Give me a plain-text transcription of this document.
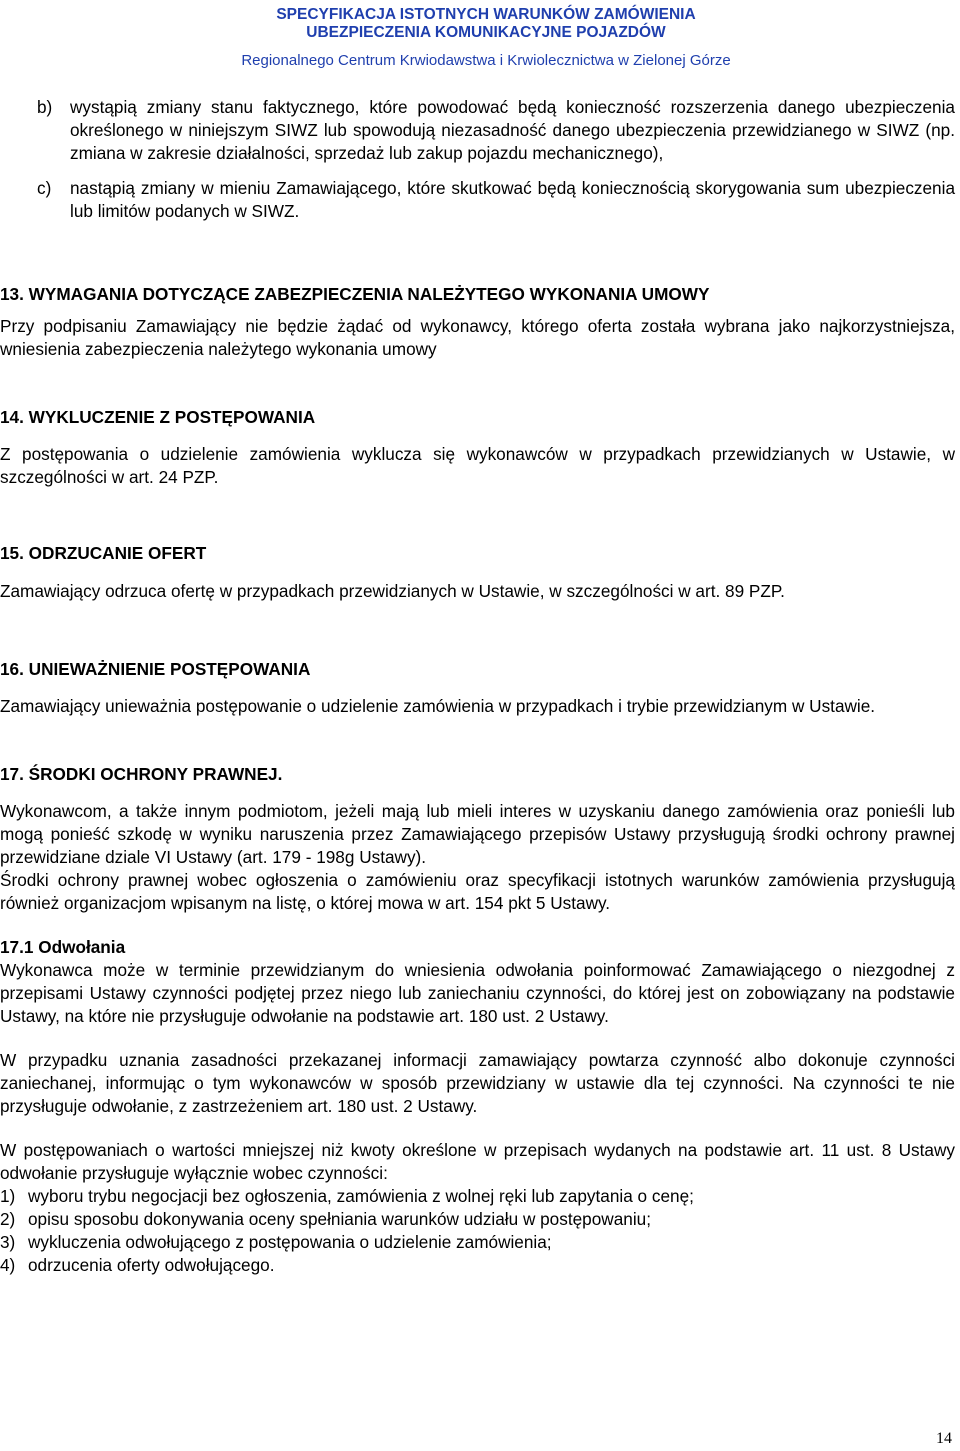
SPECYFIKACJA ISTOTNYCH WARUNKÓW ZAMÓWIENIA
UBEZPIECZENIA KOMUNIKACYJNE POJAZDÓW
Regionalnego Centrum Krwiodawstwa i Krwiolecznictwa w Zielonej Górze
b) wystąpią zmiany stanu faktycznego, które powodować będą konieczność rozszerzenia danego ubezpieczenia określonego w niniejszym SIWZ lub spowodują niezasadność danego ubezpieczenia przewidzianego w SIWZ (np. zmiana w zakresie działalności, sprzedaż lub zakup pojazdu mechanicznego),
c) nastąpią zmiany w mieniu Zamawiającego, które skutkować będą koniecznością skorygowania sum ubezpieczenia lub limitów podanych w SIWZ.

13. WYMAGANIA DOTYCZĄCE ZABEZPIECZENIA NALEŻYTEGO WYKONANIA UMOWY

Przy podpisaniu Zamawiający nie będzie żądać od wykonawcy, którego oferta została wybrana jako najkorzystniejsza, wniesienia zabezpieczenia należytego wykonania umowy

14. WYKLUCZENIE Z POSTĘPOWANIA

Z postępowania o udzielenie zamówienia wyklucza się wykonawców w przypadkach przewidzianych w Ustawie, w szczególności w art. 24 PZP.

15. ODRZUCANIE OFERT

Zamawiający odrzuca ofertę w przypadkach przewidzianych w Ustawie, w szczególności w art. 89 PZP.

16. UNIEWAŻNIENIE POSTĘPOWANIA

Zamawiający unieważnia postępowanie o udzielenie zamówienia w przypadkach i trybie przewidzianym w Ustawie.

17. ŚRODKI OCHRONY PRAWNEJ.

Wykonawcom, a także innym podmiotom, jeżeli mają lub mieli interes w uzyskaniu danego zamówienia oraz ponieśli lub mogą ponieść szkodę w wyniku naruszenia przez Zamawiającego przepisów Ustawy przysługują środki ochrony prawnej przewidziane dziale VI Ustawy (art. 179 - 198g Ustawy).

Środki ochrony prawnej wobec ogłoszenia o zamówieniu oraz specyfikacji istotnych warunków zamówienia przysługują również organizacjom wpisanym na listę, o której mowa w art. 154 pkt 5 Ustawy.

17.1 Odwołania

Wykonawca może w terminie przewidzianym do wniesienia odwołania poinformować Zamawiającego o niezgodnej z przepisami Ustawy czynności podjętej przez niego lub zaniechaniu czynności, do której jest on zobowiązany na podstawie Ustawy, na które nie przysługuje odwołanie na podstawie art. 180 ust. 2 Ustawy.

W przypadku uznania zasadności przekazanej informacji zamawiający powtarza czynność albo dokonuje czynności zaniechanej, informując o tym wykonawców w sposób przewidziany w ustawie dla tej czynności. Na czynności te nie przysługuje odwołanie, z zastrzeżeniem art. 180 ust. 2 Ustawy.

W postępowaniach o wartości mniejszej niż kwoty określone w przepisach wydanych na podstawie art. 11 ust. 8 Ustawy odwołanie przysługuje wyłącznie wobec czynności:

1) wyboru trybu negocjacji bez ogłoszenia, zamówienia z wolnej ręki lub zapytania o cenę;
2) opisu sposobu dokonywania oceny spełniania warunków udziału w postępowaniu;
3) wykluczenia odwołującego z postępowania o udzielenie zamówienia;
4) odrzucenia oferty odwołującego.
14
